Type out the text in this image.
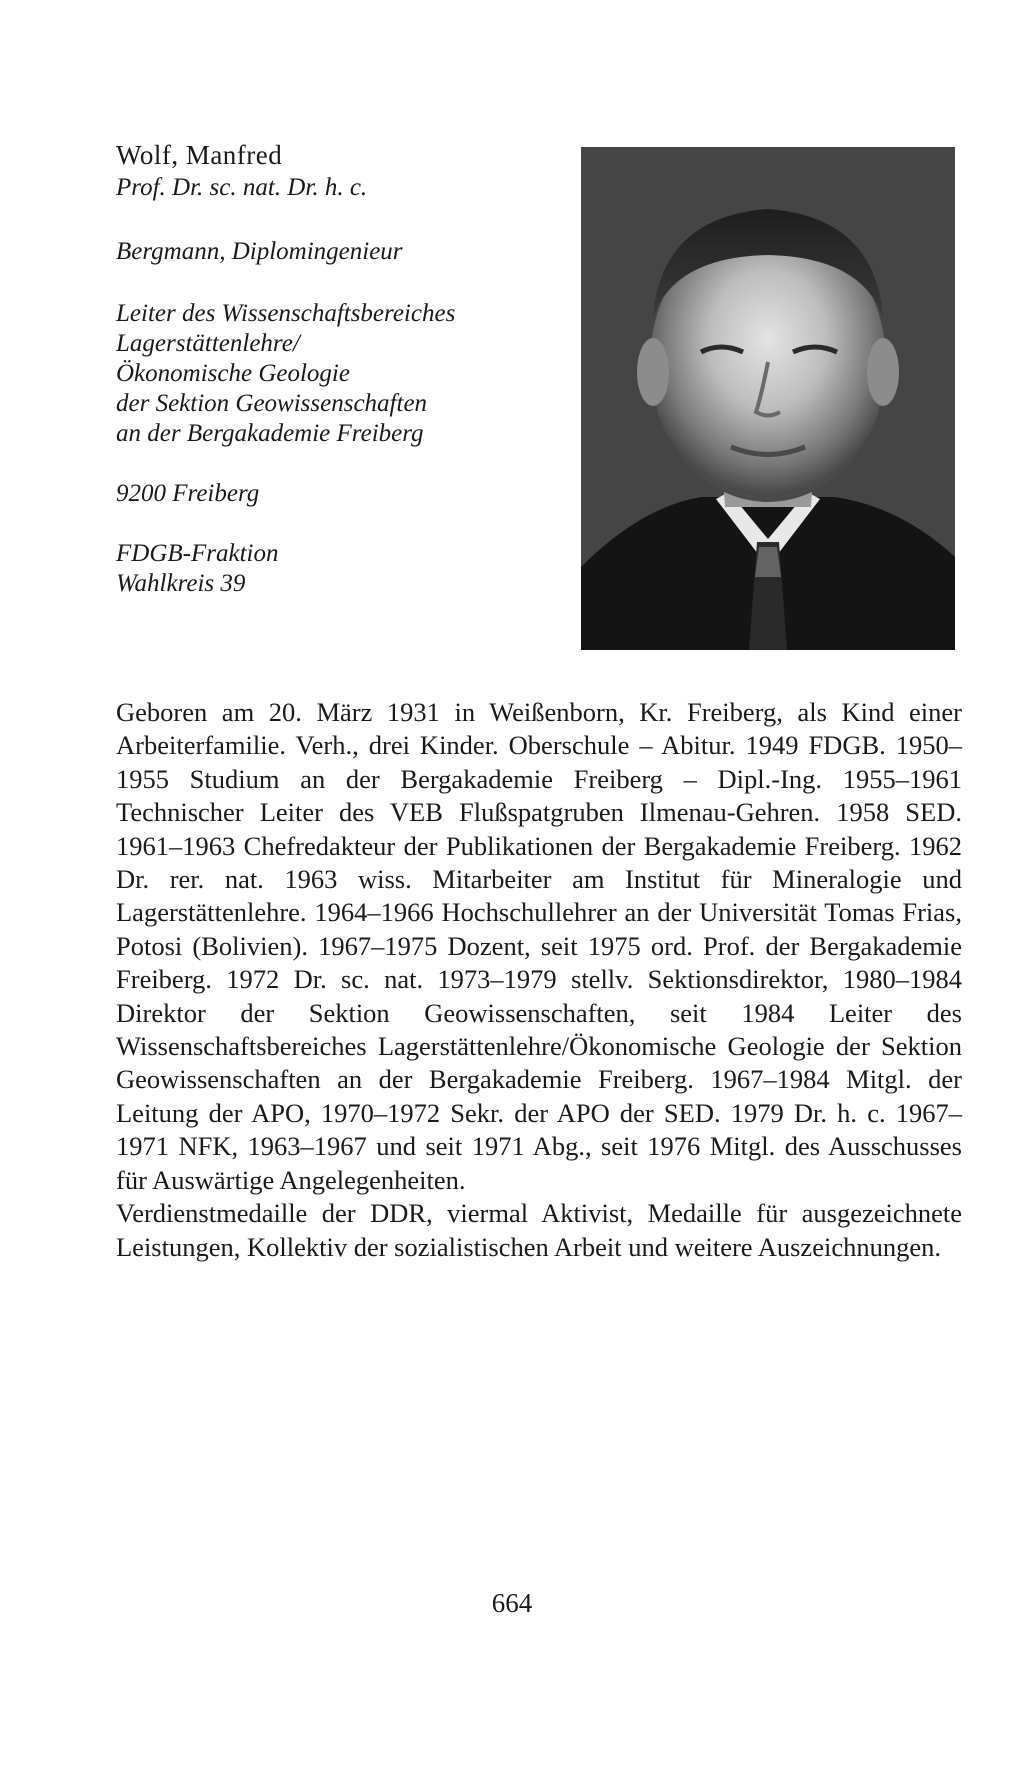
Wolf, Manfred

Prof. Dr. sc. nat. Dr. h. c.

Bergmann, Diplomingenieur

Leiter des Wissenschaftsbereiches

Lagerstättenlehre/

Ökonomische Geologie

der Sektion Geowissenschaften

an der Bergakademie Freiberg

9200 Freiberg

FDGB-Fraktion

Wahlkreis 39

Geboren am 20. März 1931 in Weißenborn, Kr. Freiberg, als Kind einer Arbeiterfamilie. Verh., drei Kinder. Oberschule – Abitur. 1949 FDGB. 1950–1955 Studium an der Bergakademie Freiberg – Dipl.-Ing. 1955–1961 Technischer Leiter des VEB Flußspatgruben Ilmenau-Gehren. 1958 SED. 1961–1963 Chefredakteur der Publikationen der Bergakademie Freiberg. 1962 Dr. rer. nat. 1963 wiss. Mitarbeiter am Institut für Mineralogie und Lagerstättenlehre. 1964–1966 Hochschullehrer an der Universität Tomas Frias, Potosi (Bolivien). 1967–1975 Dozent, seit 1975 ord. Prof. der Bergakademie Freiberg. 1972 Dr. sc. nat. 1973–1979 stellv. Sektionsdirektor, 1980–1984 Direktor der Sektion Geowissenschaften, seit 1984 Leiter des Wissenschaftsbereiches Lagerstättenlehre/Ökonomische Geologie der Sektion Geowissenschaften an der Bergakademie Freiberg. 1967–1984 Mitgl. der Leitung der APO, 1970–1972 Sekr. der APO der SED. 1979 Dr. h. c. 1967–1971 NFK, 1963–1967 und seit 1971 Abg., seit 1976 Mitgl. des Ausschusses für Auswärtige Angelegenheiten.

Verdienstmedaille der DDR, viermal Aktivist, Medaille für ausgezeichnete Leistungen, Kollektiv der sozialistischen Arbeit und weitere Auszeichnungen.

664
